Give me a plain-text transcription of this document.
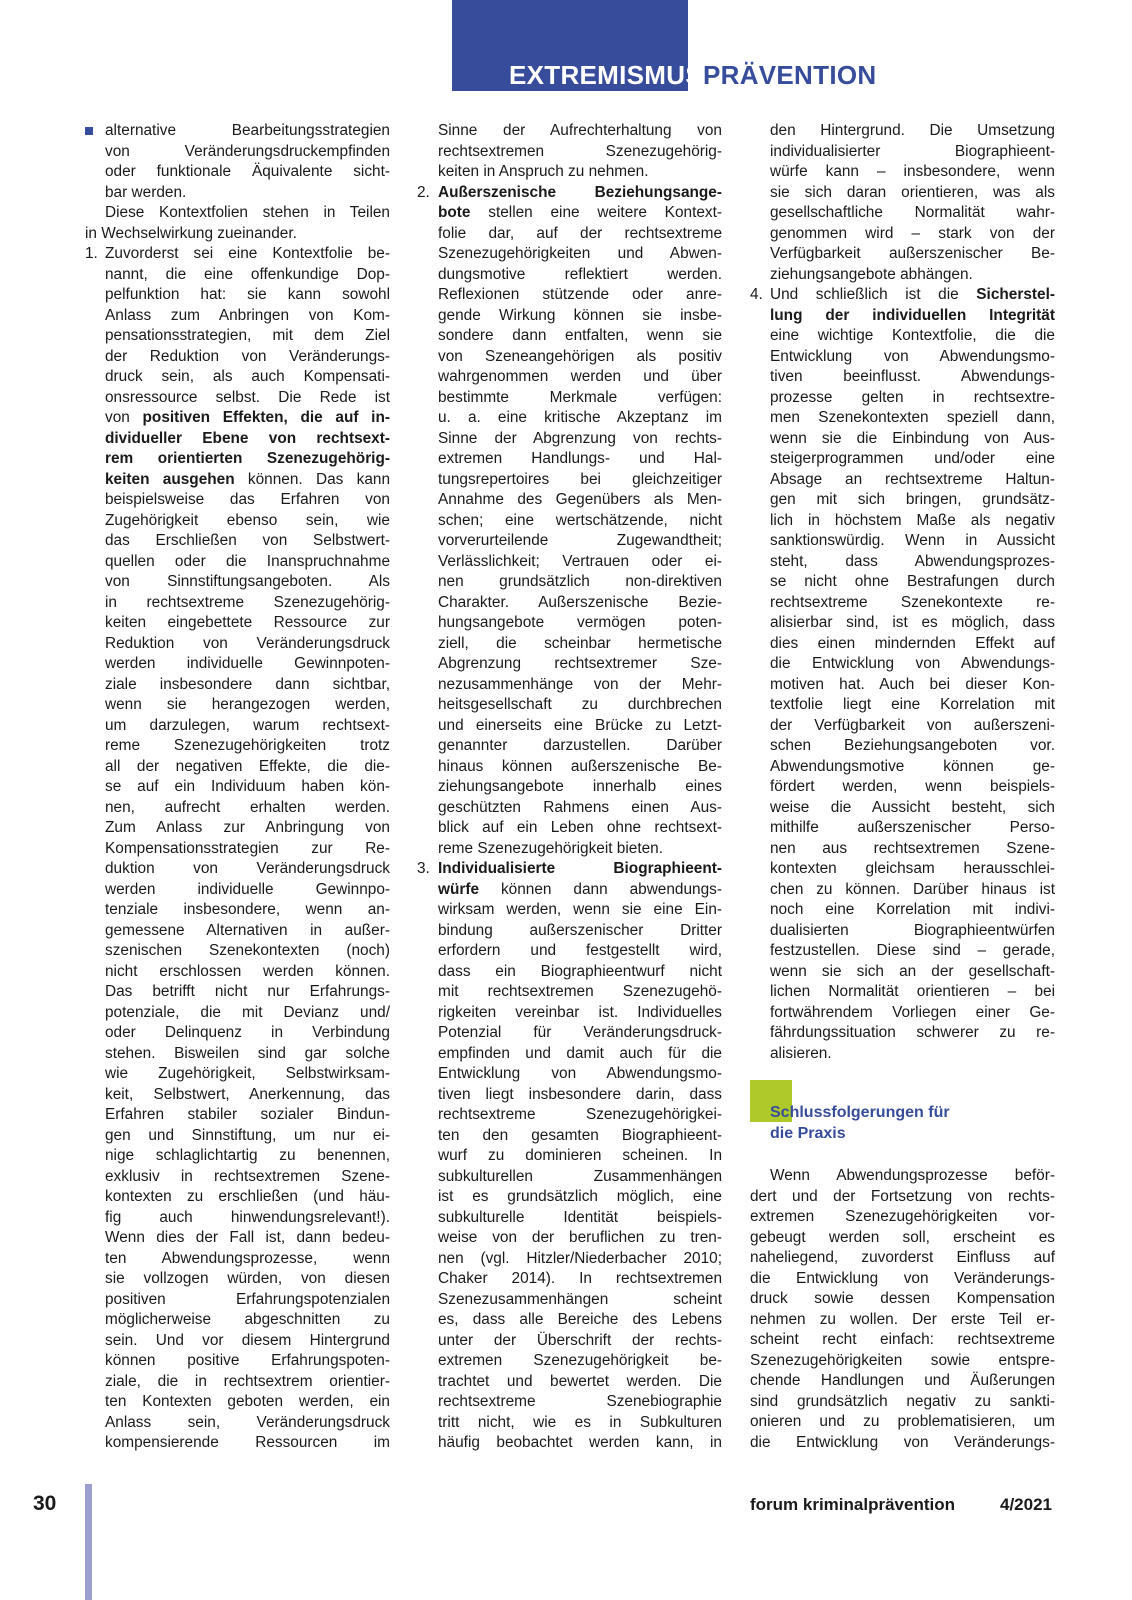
EXTREMISMUSPRÄVENTION
alternative Bearbeitungsstrategien
von Veränderungsdruckempfinden
oder funktionale Äquivalente sicht-
bar werden.
Diese Kontextfolien stehen in Teilen
in Wechselwirkung zueinander.
1. Zuvorderst sei eine Kontextfolie be-
nannt, die eine offenkundige Dop-
pelfunktion hat: sie kann sowohl
Anlass zum Anbringen von Kom-
pensationsstrategien, mit dem Ziel
der Reduktion von Veränderungs-
druck sein, als auch Kompensati-
onsressource selbst. Die Rede ist
von positiven Effekten, die auf in-
dividueller Ebene von rechtsext-
rem orientierten Szenezugehörig-
keiten ausgehen können. Das kann
beispielsweise das Erfahren von
Zugehörigkeit ebenso sein, wie
das Erschließen von Selbstwert-
quellen oder die Inanspruchnahme
von Sinnstiftungsangeboten. Als
in rechtsextreme Szenezugehörig-
keiten eingebettete Ressource zur
Reduktion von Veränderungsdruck
werden individuelle Gewinnpoten-
ziale insbesondere dann sichtbar,
wenn sie herangezogen werden,
um darzulegen, warum rechtsext-
reme Szenezugehörigkeiten trotz
all der negativen Effekte, die die-
se auf ein Individuum haben kön-
nen, aufrecht erhalten werden.
Zum Anlass zur Anbringung von
Kompensationsstrategien zur Re-
duktion von Veränderungsdruck
werden individuelle Gewinnpo-
tenziale insbesondere, wenn an-
gemessene Alternativen in außer-
szenischen Szenekontexten (noch)
nicht erschlossen werden können.
Das betrifft nicht nur Erfahrungs-
potenziale, die mit Devianz und/
oder Delinquenz in Verbindung
stehen. Bisweilen sind gar solche
wie Zugehörigkeit, Selbstwirksam-
keit, Selbstwert, Anerkennung, das
Erfahren stabiler sozialer Bindun-
gen und Sinnstiftung, um nur ei-
nige schlaglichtartig zu benennen,
exklusiv in rechtsextremen Szene-
kontexten zu erschließen (und häu-
fig auch hinwendungsrelevant!).
Wenn dies der Fall ist, dann bedeu-
ten Abwendungsprozesse, wenn
sie vollzogen würden, von diesen
positiven Erfahrungspotenzialen
möglicherweise abgeschnitten zu
sein. Und vor diesem Hintergrund
können positive Erfahrungspoten-
ziale, die in rechtsextrem orientier-
ten Kontexten geboten werden, ein
Anlass sein, Veränderungsdruck
kompensierende Ressourcen im
Sinne der Aufrechterhaltung von
rechtsextremen Szenezugehörig-
keiten in Anspruch zu nehmen.
2. Außerszenische Beziehungsange-
bote stellen eine weitere Kontext-
folie dar, auf der rechtsextreme
Szenezugehörigkeiten und Abwen-
dungsmotive reflektiert werden.
Reflexionen stützende oder anre-
gende Wirkung können sie insbe-
sondere dann entfalten, wenn sie
von Szeneangehörigen als positiv
wahrgenommen werden und über
bestimmte Merkmale verfügen:
u. a. eine kritische Akzeptanz im
Sinne der Abgrenzung von rechts-
extremen Handlungs- und Hal-
tungsrepertoires bei gleichzeitiger
Annahme des Gegenübers als Men-
schen; eine wertschätzende, nicht
vorverurteilende Zugewandtheit;
Verlässlichkeit; Vertrauen oder ei-
nen grundsätzlich non-direktiven
Charakter. Außerszenische Bezie-
hungsangebote vermögen poten-
ziell, die scheinbar hermetische
Abgrenzung rechtsextremer Sze-
nezusammenhänge von der Mehr-
heitsgesellschaft zu durchbrechen
und einerseits eine Brücke zu Letzt-
genannter darzustellen. Darüber
hinaus können außerszenische Be-
ziehungsangebote innerhalb eines
geschützten Rahmens einen Aus-
blick auf ein Leben ohne rechtsext-
reme Szenezugehörigkeit bieten.
3. Individualisierte Biographieent-
würfe können dann abwendungs-
wirksam werden, wenn sie eine Ein-
bindung außerszenischer Dritter
erfordern und festgestellt wird,
dass ein Biographieentwurf nicht
mit rechtsextremen Szenezugehö-
rigkeiten vereinbar ist. Individuelles
Potenzial für Veränderungsdruck-
empfinden und damit auch für die
Entwicklung von Abwendungsmo-
tiven liegt insbesondere darin, dass
rechtsextreme Szenezugehörigkei-
ten den gesamten Biographieent-
wurf zu dominieren scheinen. In
subkulturellen Zusammenhängen
ist es grundsätzlich möglich, eine
subkulturelle Identität beispiels-
weise von der beruflichen zu tren-
nen (vgl. Hitzler/Niederbacher 2010;
Chaker 2014). In rechtsextremen
Szenezusammenhängen scheint
es, dass alle Bereiche des Lebens
unter der Überschrift der rechts-
extremen Szenezugehörigkeit be-
trachtet und bewertet werden. Die
rechtsextreme Szenebiographie
tritt nicht, wie es in Subkulturen
häufig beobachtet werden kann, in
den Hintergrund. Die Umsetzung
individualisierter Biographieent-
würfe kann – insbesondere, wenn
sie sich daran orientieren, was als
gesellschaftliche Normalität wahr-
genommen wird – stark von der
Verfügbarkeit außerszenischer Be-
ziehungsangebote abhängen.
4. Und schließlich ist die Sicherstel-
lung der individuellen Integrität
eine wichtige Kontextfolie, die die
Entwicklung von Abwendungsmo-
tiven beeinflusst. Abwendungs-
prozesse gelten in rechtsextre-
men Szenekontexten speziell dann,
wenn sie die Einbindung von Aus-
steigerprogrammen und/oder eine
Absage an rechtsextreme Haltun-
gen mit sich bringen, grundsätz-
lich in höchstem Maße als negativ
sanktionswürdig. Wenn in Aussicht
steht, dass Abwendungsprozes-
se nicht ohne Bestrafungen durch
rechtsextreme Szenekontexte re-
alisierbar sind, ist es möglich, dass
dies einen mindernden Effekt auf
die Entwicklung von Abwendungs-
motiven hat. Auch bei dieser Kon-
textfolie liegt eine Korrelation mit
der Verfügbarkeit von außerszeni-
schen Beziehungsangeboten vor.
Abwendungsmotive können ge-
fördert werden, wenn beispiels-
weise die Aussicht besteht, sich
mithilfe außerszenischer Perso-
nen aus rechtsextremen Szene-
kontexten gleichsam herausschlei-
chen zu können. Darüber hinaus ist
noch eine Korrelation mit indivi-
dualisierten Biographieentwürfen
festzustellen. Diese sind – gerade,
wenn sie sich an der gesellschaft-
lichen Normalität orientieren – bei
fortwährendem Vorliegen einer Ge-
fährdungssituation schwerer zu re-
alisieren.
Schlussfolgerungen für
die Praxis
Wenn Abwendungsprozesse beför-
dert und der Fortsetzung von rechts-
extremen Szenezugehörigkeiten vor-
gebeugt werden soll, erscheint es
naheliegend, zuvorderst Einfluss auf
die Entwicklung von Veränderungs-
druck sowie dessen Kompensation
nehmen zu wollen. Der erste Teil er-
scheint recht einfach: rechtsextreme
Szenezugehörigkeiten sowie entspre-
chende Handlungen und Äußerungen
sind grundsätzlich negativ zu sankti-
onieren und zu problematisieren, um
die Entwicklung von Veränderungs-
30	forum kriminalprävention	4/2021
